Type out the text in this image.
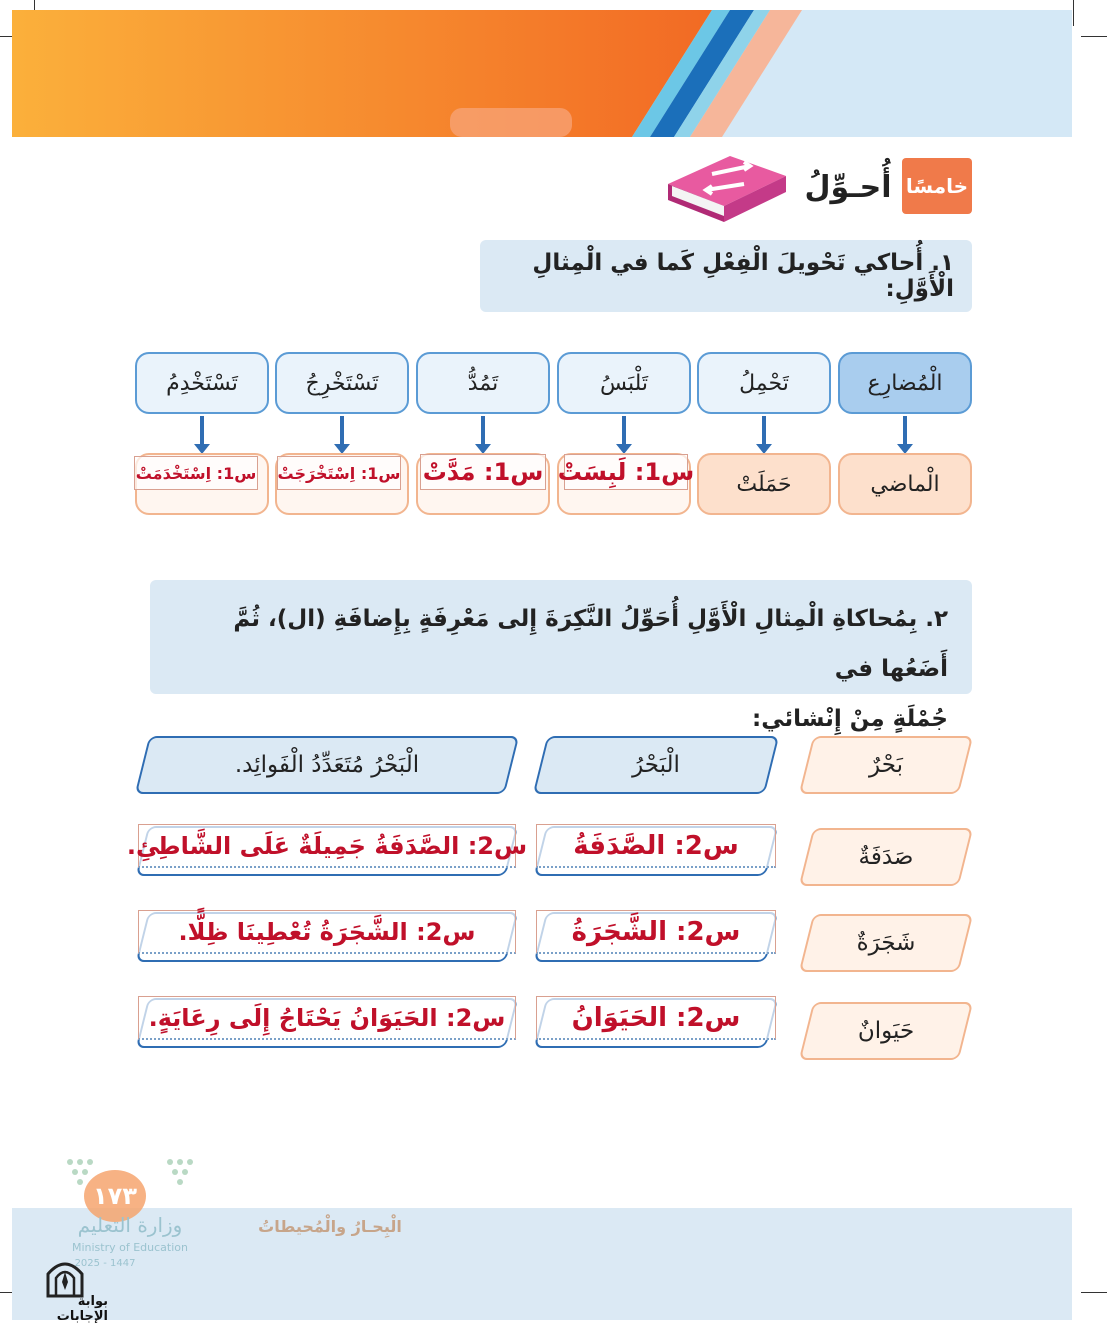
خامسًا
أُحـوِّلُ
١. أُحاكي تَحْويلَ الْفِعْلِ كَما في الْمِثالِ الْأَوَّلِ:
الْمُضارِع
تَحْمِلُ
تَلْبَسُ
تَمُدُّ
تَسْتَخْرِجُ
تَسْتَخْدِمُ
الْماضي
حَمَلَتْ
س1: لَبِسَتْ
س1: مَدَّتْ
س1: اِسْتَخْرَجَتْ
س1: اِسْتَخْدَمَتْ
٢. بِمُحاكاةِ الْمِثالِ الْأَوَّلِ أُحَوِّلُ النَّكِرَةَ إِلى مَعْرِفَةٍ بِإِضافَةِ (ال)، ثُمَّ أَضَعُها في
جُمْلَةٍ مِنْ إِنْشائي:
بَحْرٌ
الْبَحْرُ
الْبَحْرُ مُتَعَدِّدُ الْفَوائِد.
صَدَفَةٌ
س2: الصَّدَفَةُ
س2: الصَّدَفَةُ جَمِيلَةٌ عَلَى الشَّاطِئِ.
شَجَرَةٌ
س2: الشَّجَرَةُ
س2: الشَّجَرَةُ تُعْطِينَا ظِلًّا.
حَيَوانٌ
س2: الحَيَوَانُ
س2: الحَيَوَانُ يَحْتَاجُ إِلَى رِعَايَةٍ.
الْبِحـارُ والْمُحيطاتُ
١٧٣
وزارة التعليم
Ministry of Education
2025 - 1447
بوابة الإجابات
